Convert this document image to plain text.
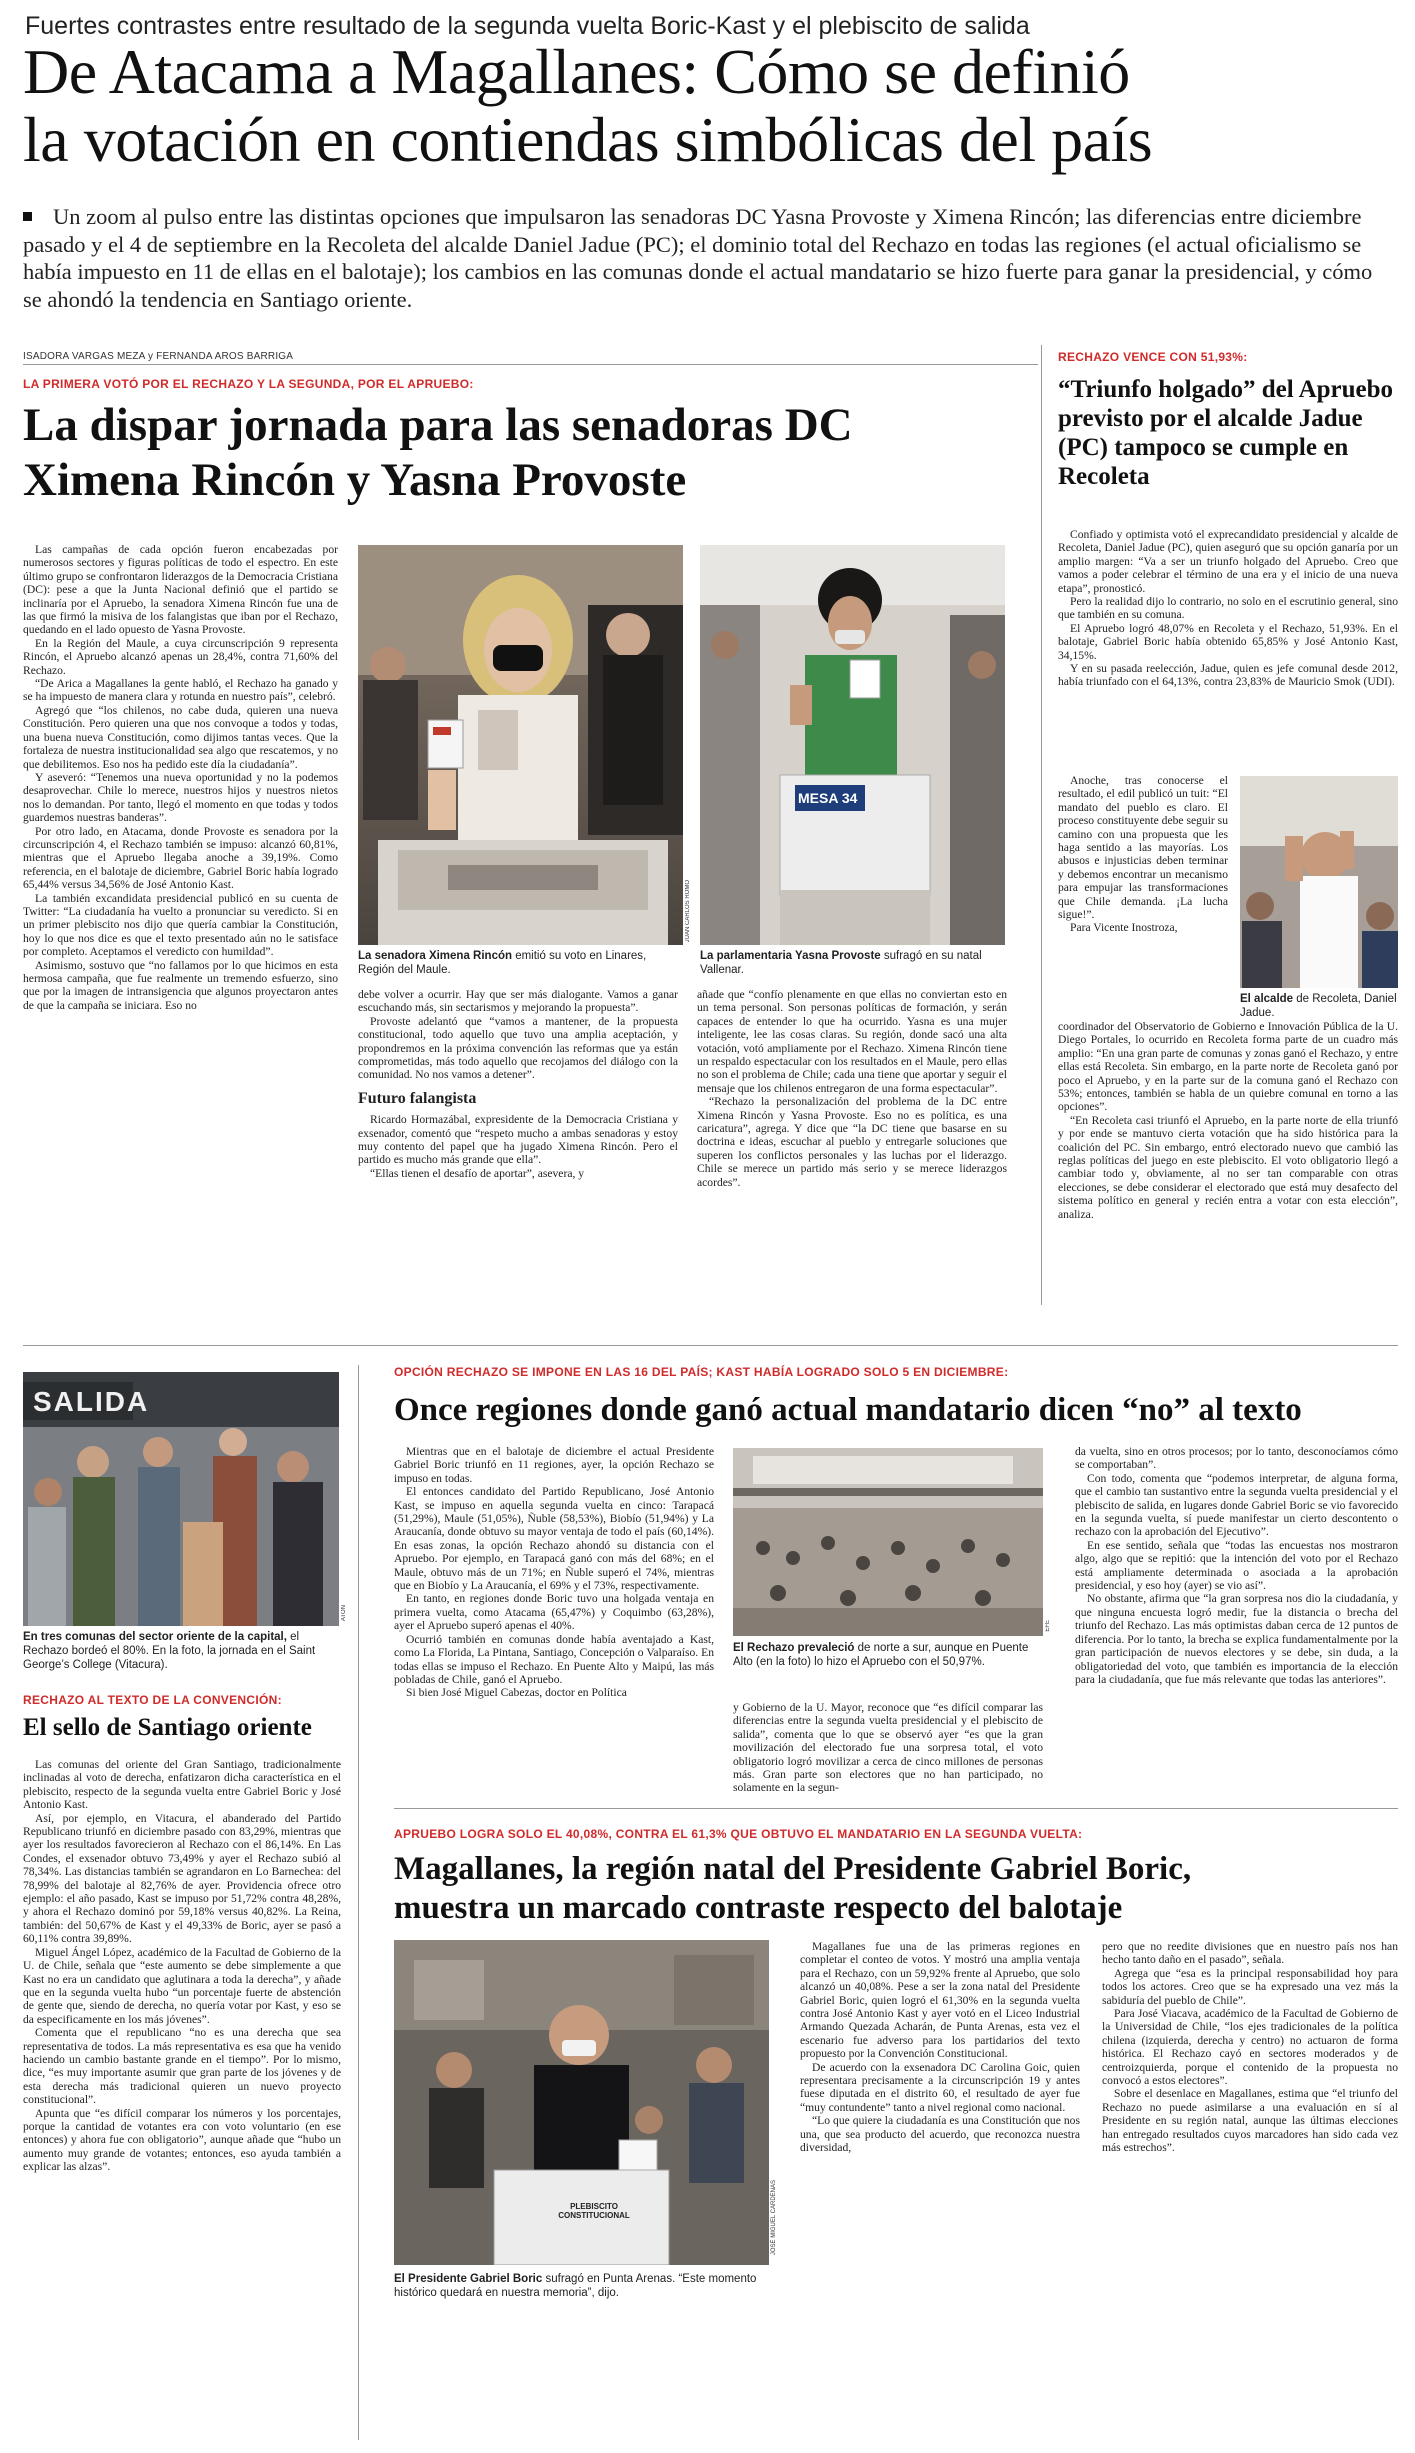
Fuertes contrastes entre resultado de la segunda vuelta Boric-Kast y el plebiscito de salida
De Atacama a Magallanes: Cómo se definió
la votación en contiendas simbólicas del país
Un zoom al pulso entre las distintas opciones que impulsaron las senadoras DC Yasna Provoste y Ximena Rincón; las diferencias entre diciembre pasado y el 4 de septiembre en la Recoleta del alcalde Daniel Jadue (PC); el dominio total del Rechazo en todas las regiones (el actual oficialismo se había impuesto en 11 de ellas en el balotaje); los cambios en las comunas donde el actual mandatario se hizo fuerte para ganar la presidencial, y cómo se ahondó la tendencia en Santiago oriente.
ISADORA VARGAS MEZA y FERNANDA AROS BARRIGA
LA PRIMERA VOTÓ POR EL RECHAZO Y LA SEGUNDA, POR EL APRUEBO:
La dispar jornada para las senadoras DC Ximena Rincón y Yasna Provoste

Las campañas de cada opción fueron encabezadas por numerosos sectores y figuras políticas de todo el espectro. En este último grupo se confrontaron liderazgos de la Democracia Cristiana (DC): pese a que la Junta Nacional definió que el partido se inclinaría por el Apruebo, la senadora Ximena Rincón fue una de las que firmó la misiva de los falangistas que iban por el Rechazo, quedando en el lado opuesto de Yasna Provoste.

En la Región del Maule, a cuya circunscripción 9 representa Rincón, el Apruebo alcanzó apenas un 28,4%, contra 71,60% del Rechazo.

“De Arica a Magallanes la gente habló, el Rechazo ha ganado y se ha impuesto de manera clara y rotunda en nuestro país”, celebró.

Agregó que “los chilenos, no cabe duda, quieren una nueva Constitución. Pero quieren una que nos convoque a todos y todas, una buena nueva Constitución, como dijimos tantas veces. Que la fortaleza de nuestra institucionalidad sea algo que rescatemos, y no que debilitemos. Eso nos ha pedido este día la ciudadanía”.

Y aseveró: “Tenemos una nueva oportunidad y no la podemos desaprovechar. Chile lo merece, nuestros hijos y nuestros nietos nos lo demandan. Por tanto, llegó el momento en que todas y todos guardemos nuestras banderas”.

Por otro lado, en Atacama, donde Provoste es senadora por la circunscripción 4, el Rechazo también se impuso: alcanzó 60,81%, mientras que el Apruebo llegaba anoche a 39,19%. Como referencia, en el balotaje de diciembre, Gabriel Boric había logrado 65,44% versus 34,56% de José Antonio Kast.

La también excandidata presidencial publicó en su cuenta de Twitter: “La ciudadanía ha vuelto a pronunciar su veredicto. Si en un primer plebiscito nos dijo que quería cambiar la Constitución, hoy lo que nos dice es que el texto presentado aún no le satisface por completo. Aceptamos el veredicto con humildad”.

Asimismo, sostuvo que “no fallamos por lo que hicimos en esta hermosa campaña, que fue realmente un tremendo esfuerzo, sino que por la imagen de intransigencia que algunos proyectaron antes de que la campaña se iniciara. Eso no

JUAN CARLOS ROMO
La senadora Ximena Rincón emitió su voto en Linares, Región del Maule.
MESA 34
La parlamentaria Yasna Provoste sufragó en su natal Vallenar.

debe volver a ocurrir. Hay que ser más dialogante. Vamos a ganar escuchando más, sin sectarismos y mejorando la propuesta”.

Provoste adelantó que “vamos a mantener, de la propuesta constitucional, todo aquello que tuvo una amplia aceptación, y propondremos en la próxima convención las reformas que ya están comprometidas, más todo aquello que recojamos del diálogo con la comunidad. No nos vamos a detener”.

Futuro falangista

Ricardo Hormazábal, expresidente de la Democracia Cristiana y exsenador, comentó que “respeto mucho a ambas senadoras y estoy muy contento del papel que ha jugado Ximena Rincón. Pero el partido es mucho más grande que ella”.

“Ellas tienen el desafío de aportar”, asevera, y

añade que “confío plenamente en que ellas no conviertan esto en un tema personal. Son personas políticas de formación, y serán capaces de entender lo que ha ocurrido. Yasna es una mujer inteligente, lee las cosas claras. Su región, donde sacó una alta votación, votó ampliamente por el Rechazo. Ximena Rincón tiene un respaldo espectacular con los resultados en el Maule, pero ellas no son el problema de Chile; cada una tiene que aportar y seguir el mensaje que los chilenos entregaron de una forma espectacular”.

“Rechazo la personalización del problema de la DC entre Ximena Rincón y Yasna Provoste. Eso no es política, es una caricatura”, agrega. Y dice que “la DC tiene que basarse en su doctrina e ideas, escuchar al pueblo y entregarle soluciones que superen los conflictos personales y las luchas por el liderazgo. Chile se merece un partido más serio y se merece liderazgos acordes”.

RECHAZO VENCE CON 51,93%:
“Triunfo holgado” del Apruebo previsto por el alcalde Jadue (PC) tampoco se cumple en Recoleta

Confiado y optimista votó el exprecandidato presidencial y alcalde de Recoleta, Daniel Jadue (PC), quien aseguró que su opción ganaría por un amplio margen: “Va a ser un triunfo holgado del Apruebo. Creo que vamos a poder celebrar el término de una era y el inicio de una nueva etapa”, pronosticó.

Pero la realidad dijo lo contrario, no solo en el escrutinio general, sino que también en su comuna.

El Apruebo logró 48,07% en Recoleta y el Rechazo, 51,93%. En el balotaje, Gabriel Boric había obtenido 65,85% y José Antonio Kast, 34,15%.

Y en su pasada reelección, Jadue, quien es jefe comunal desde 2012, había triunfado con el 64,13%, contra 23,83% de Mauricio Smok (UDI).

Anoche, tras conocerse el resultado, el edil publicó un tuit: “El mandato del pueblo es claro. El proceso constituyente debe seguir su camino con una propuesta que les haga sentido a las mayorías. Los abusos e injusticias deben terminar y debemos encontrar un mecanismo para empujar las transformaciones que Chile demanda. ¡La lucha sigue!”.

Para Vicente Inostroza,

El alcalde de Recoleta, Daniel Jadue.

coordinador del Observatorio de Gobierno e Innovación Pública de la U. Diego Portales, lo ocurrido en Recoleta forma parte de un cuadro más amplio: “En una gran parte de comunas y zonas ganó el Rechazo, y entre ellas está Recoleta. Sin embargo, en la parte norte de Recoleta ganó por poco el Apruebo, y en la parte sur de la comuna ganó el Rechazo con 53%; entonces, también se habla de un quiebre comunal en torno a las opciones”.

“En Recoleta casi triunfó el Apruebo, en la parte norte de ella triunfó y por ende se mantuvo cierta votación que ha sido histórica para la coalición del PC. Sin embargo, entró electorado nuevo que cambió las reglas políticas del juego en este plebiscito. El voto obligatorio llegó a cambiar todo y, obviamente, al no ser tan comparable con otras elecciones, se debe considerar el electorado que está muy desafecto del sistema político en general y recién entra a votar con esta elección”, analiza.

SALIDA
ATON
En tres comunas del sector oriente de la capital, el Rechazo bordeó el 80%. En la foto, la jornada en el Saint George’s College (Vitacura).
RECHAZO AL TEXTO DE LA CONVENCIÓN:
El sello de Santiago oriente

Las comunas del oriente del Gran Santiago, tradicionalmente inclinadas al voto de derecha, enfatizaron dicha característica en el plebiscito, respecto de la segunda vuelta entre Gabriel Boric y José Antonio Kast.

Así, por ejemplo, en Vitacura, el abanderado del Partido Republicano triunfó en diciembre pasado con 83,29%, mientras que ayer los resultados favorecieron al Rechazo con el 86,14%. En Las Condes, el exsenador obtuvo 73,49% y ayer el Rechazo subió al 78,34%. Las distancias también se agrandaron en Lo Barnechea: del 78,99% del balotaje al 82,76% de ayer. Providencia ofrece otro ejemplo: el año pasado, Kast se impuso por 51,72% contra 48,28%, y ahora el Rechazo dominó por 59,18% versus 40,82%. La Reina, también: del 50,67% de Kast y el 49,33% de Boric, ayer se pasó a 60,11% contra 39,89%.

Miguel Ángel López, académico de la Facultad de Gobierno de la U. de Chile, señala que “este aumento se debe simplemente a que Kast no era un candidato que aglutinara a toda la derecha”, y añade que en la segunda vuelta hubo “un porcentaje fuerte de abstención de gente que, siendo de derecha, no quería votar por Kast, y eso se da especificamente en los más jóvenes”.

Comenta que el republicano “no es una derecha que sea representativa de todos. La más representativa es esa que ha venido haciendo un cambio bastante grande en el tiempo”. Por lo mismo, dice, “es muy importante asumir que gran parte de los jóvenes y de esta derecha más tradicional quieren un nuevo proyecto constitucional”.

Apunta que “es difícil comparar los números y los porcentajes, porque la cantidad de votantes era con voto voluntario (en ese entonces) y ahora fue con obligatorio”, aunque añade que “hubo un aumento muy grande de votantes; entonces, eso ayuda también a explicar las alzas”.

OPCIÓN RECHAZO SE IMPONE EN LAS 16 DEL PAÍS; KAST HABÍA LOGRADO SOLO 5 EN DICIEMBRE:
Once regiones donde ganó actual mandatario dicen “no” al texto

Mientras que en el balotaje de diciembre el actual Presidente Gabriel Boric triunfó en 11 regiones, ayer, la opción Rechazo se impuso en todas.

El entonces candidato del Partido Republicano, José Antonio Kast, se impuso en aquella segunda vuelta en cinco: Tarapacá (51,29%), Maule (51,05%), Ñuble (58,53%), Biobío (51,94%) y La Araucanía, donde obtuvo su mayor ventaja de todo el país (60,14%). En esas zonas, la opción Rechazo ahondó su distancia con el Apruebo. Por ejemplo, en Tarapacá ganó con más del 68%; en el Maule, obtuvo más de un 71%; en Ñuble superó el 74%, mientras que en Biobío y La Araucanía, el 69% y el 73%, respectivamente.

En tanto, en regiones donde Boric tuvo una holgada ventaja en primera vuelta, como Atacama (65,47%) y Coquimbo (63,28%), ayer el Apruebo superó apenas el 40%.

Ocurrió también en comunas donde había aventajado a Kast, como La Florida, La Pintana, Santiago, Concepción o Valparaíso. En todas ellas se impuso el Rechazo. En Puente Alto y Maipú, las más pobladas de Chile, ganó el Apruebo.

Si bien José Miguel Cabezas, doctor en Política

EFE
El Rechazo prevaleció de norte a sur, aunque en Puente Alto (en la foto) lo hizo el Apruebo con el 50,97%.

y Gobierno de la U. Mayor, reconoce que “es difícil comparar las diferencias entre la segunda vuelta presidencial y el plebiscito de salida”, comenta que lo que se observó ayer “es que la gran movilización del electorado fue una sorpresa total, el voto obligatorio logró movilizar a cerca de cinco millones de personas más. Gran parte son electores que no han participado, no solamente en la segun-

da vuelta, sino en otros procesos; por lo tanto, desconocíamos cómo se comportaban”.

Con todo, comenta que “podemos interpretar, de alguna forma, que el cambio tan sustantivo entre la segunda vuelta presidencial y el plebiscito de salida, en lugares donde Gabriel Boric se vio favorecido en la segunda vuelta, sí puede manifestar un cierto descontento o rechazo con la aprobación del Ejecutivo”.

En ese sentido, señala que “todas las encuestas nos mostraron algo, algo que se repitió: que la intención del voto por el Rechazo está ampliamente determinada o asociada a la aprobación presidencial, y eso hoy (ayer) se vio así”.

No obstante, afirma que “la gran sorpresa nos dio la ciudadanía, y que ninguna encuesta logró medir, fue la distancia o brecha del triunfo del Rechazo. Las más optimistas daban cerca de 12 puntos de diferencia. Por lo tanto, la brecha se explica fundamentalmente por la gran participación de nuevos electores y se debe, sin duda, a la obligatoriedad del voto, que también es importancia de la elección para la ciudadanía, que fue más relevante que todas las anteriores”.

APRUEBO LOGRA SOLO EL 40,08%, CONTRA EL 61,3% QUE OBTUVO EL MANDATARIO EN LA SEGUNDA VUELTA:
Magallanes, la región natal del Presidente Gabriel Boric,
muestra un marcado contraste respecto del balotaje
PLEBISCITO CONSTITUCIONAL	JOSÉ MIGUEL CÁRDENAS
El Presidente Gabriel Boric sufragó en Punta Arenas. “Este momento histórico quedará en nuestra memoria”, dijo.

Magallanes fue una de las primeras regiones en completar el conteo de votos. Y mostró una amplia ventaja para el Rechazo, con un 59,92% frente al Apruebo, que solo alcanzó un 40,08%. Pese a ser la zona natal del Presidente Gabriel Boric, quien logró el 61,30% en la segunda vuelta contra José Antonio Kast y ayer votó en el Liceo Industrial Armando Quezada Acharán, de Punta Arenas, esta vez el escenario fue adverso para los partidarios del texto propuesto por la Convención Constitucional.

De acuerdo con la exsenadora DC Carolina Goic, quien representara precisamente a la circunscripción 19 y antes fuese diputada en el distrito 60, el resultado de ayer fue “muy contundente” tanto a nivel regional como nacional.

“Lo que quiere la ciudadanía es una Constitución que nos una, que sea producto del acuerdo, que reconozca nuestra diversidad,

pero que no reedite divisiones que en nuestro país nos han hecho tanto daño en el pasado”, señala.

Agrega que “esa es la principal responsabilidad hoy para todos los actores. Creo que se ha expresado una vez más la sabiduría del pueblo de Chile”.

Para José Viacava, académico de la Facultad de Gobierno de la Universidad de Chile, “los ejes tradicionales de la política chilena (izquierda, derecha y centro) no actuaron de forma histórica. El Rechazo cayó en sectores moderados y de centroizquierda, porque el contenido de la propuesta no convocó a estos electores”.

Sobre el desenlace en Magallanes, estima que “el triunfo del Rechazo no puede asimilarse a una evaluación en sí al Presidente en su región natal, aunque las últimas elecciones han entregado resultados cuyos marcadores han sido cada vez más estrechos”.
